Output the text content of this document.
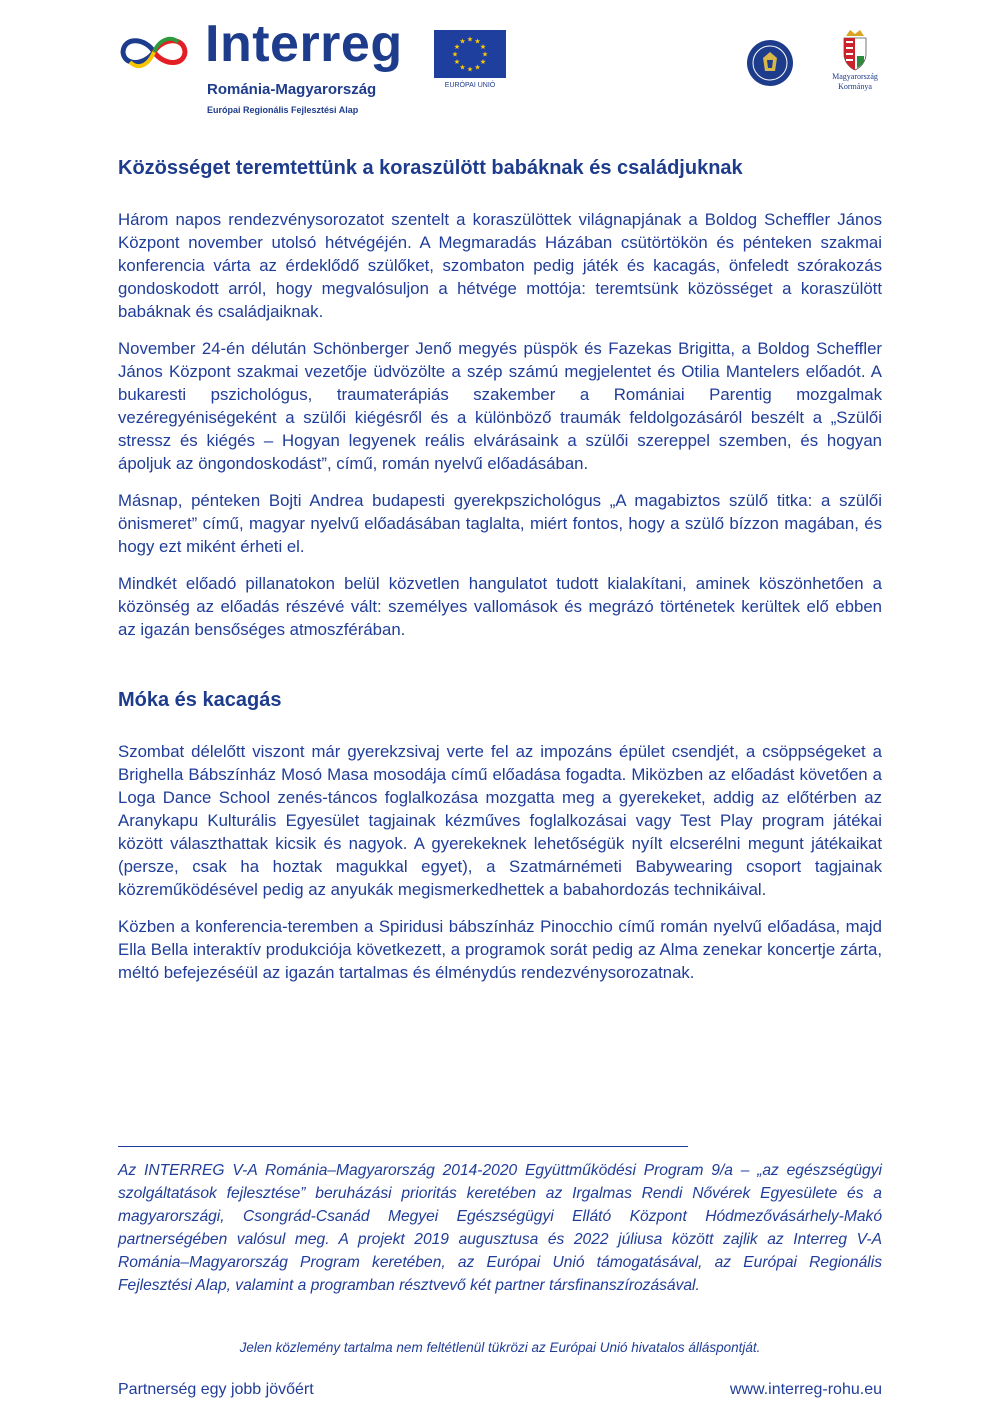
Interreg
Románia-Magyarország
Európai Regionális Fejlesztési Alap
★ ★
★
★
★
★
★
★
★
★
★
★
EURÓPAI UNIÓ
Magyarország
Kormánya
Közösséget teremtettünk a koraszülött babáknak és családjuknak

Három napos rendezvénysorozatot szentelt a koraszülöttek világnapjának a Boldog Scheffler János Központ november utolsó hétvégéjén. A Megmaradás Házában csütörtökön és pénteken szakmai konferencia várta az érdeklődő szülőket, szombaton pedig játék és kacagás, önfeledt szórakozás gondoskodott arról, hogy megvalósuljon a hétvége mottója: teremtsünk közösséget a koraszülött babáknak és családjaiknak.

November 24-én délután Schönberger Jenő megyés püspök és Fazekas Brigitta, a Boldog Scheffler János Központ szakmai vezetője üdvözölte a szép számú megjelentet és Otilia Mantelers előadót. A bukaresti pszichológus, traumaterápiás szakember a Romániai Parentig mozgalmak vezéregyéniségeként a szülői kiégésről és a különböző traumák feldolgozásáról beszélt a „Szülői stressz és kiégés – Hogyan legyenek reális elvárásaink a szülői szereppel szemben, és hogyan ápoljuk az öngondoskodást”, című, román nyelvű előadásában.

Másnap, pénteken Bojti Andrea budapesti gyerekpszichológus „A magabiztos szülő titka: a szülői önismeret” című, magyar nyelvű előadásában taglalta, miért fontos, hogy a szülő bízzon magában, és hogy ezt miként érheti el.

Mindkét előadó pillanatokon belül közvetlen hangulatot tudott kialakítani, aminek köszönhetően a közönség az előadás részévé vált: személyes vallomások és megrázó történetek kerültek elő ebben az igazán bensőséges atmoszférában.

Móka és kacagás

Szombat délelőtt viszont már gyerekzsivaj verte fel az impozáns épület csendjét, a csöppségeket a Brighella Bábszínház Mosó Masa mosodája című előadása fogadta. Miközben az előadást követően a Loga Dance School zenés-táncos foglalkozása mozgatta meg a gyerekeket, addig az előtérben az Aranykapu Kulturális Egyesület tagjainak kézműves foglalkozásai vagy Test Play program játékai között választhattak kicsik és nagyok. A gyerekeknek lehetőségük nyílt elcserélni megunt játékaikat (persze, csak ha hoztak magukkal egyet), a Szatmárnémeti Babywearing csoport tagjainak közreműködésével pedig az anyukák megismerkedhettek a babahordozás technikáival.

Közben a konferencia-teremben a Spiridusi bábszínház Pinocchio című román nyelvű előadása, majd Ella Bella interaktív produkciója következett, a programok sorát pedig az Alma zenekar koncertje zárta, méltó befejezéséül az igazán tartalmas és élménydús rendezvénysorozatnak.

Az INTERREG V-A Románia–Magyarország 2014-2020 Együttműködési Program 9/a – „az egészségügyi szolgáltatások fejlesztése” beruházási prioritás keretében az Irgalmas Rendi Nővérek Egyesülete és a magyarországi, Csongrád-Csanád Megyei Egészségügyi Ellátó Központ Hódmezővásárhely-Makó partnerségében valósul meg. A projekt 2019 augusztusa és 2022 júliusa között zajlik az Interreg V-A Románia–Magyarország Program keretében, az Európai Unió támogatásával, az Európai Regionális Fejlesztési Alap, valamint a programban résztvevő két partner társfinanszírozásával.

Jelen közlemény tartalma nem feltétlenül tükrözi az Európai Unió hivatalos álláspontját.
Partnerség egy jobb jövőért	www.interreg-rohu.eu
